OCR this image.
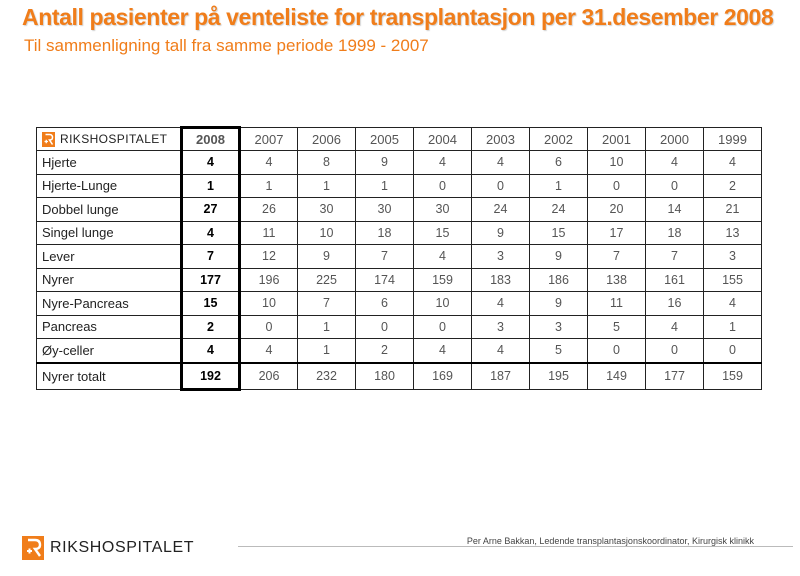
Antall pasienter på venteliste for transplantasjon per 31.desember 2008
Til sammenligning tall fra samme periode 1999 - 2007
RIKSHOSPITALET	2008	2007	2006	2005	2004	2003	2002	2001	2000	1999
Hjerte	4	4	8	9	4	4	6	10	4	4
Hjerte-Lunge	1	1	1	1	0	0	1	0	0	2
Dobbel lunge	27	26	30	30	30	24	24	20	14	21
Singel lunge	4	11	10	18	15	9	15	17	18	13
Lever	7	12	9	7	4	3	9	7	7	3
Nyrer	177	196	225	174	159	183	186	138	161	155
Nyre-Pancreas	15	10	7	6	10	4	9	11	16	4
Pancreas	2	0	1	0	0	3	3	5	4	1
Øy-celler	4	4	1	2	4	4	5	0	0	0
Nyrer totalt	192	206	232	180	169	187	195	149	177	159
RIKSHOSPITALET	Per Arne Bakkan, Ledende transplantasjonskoordinator, Kirurgisk klinikk
